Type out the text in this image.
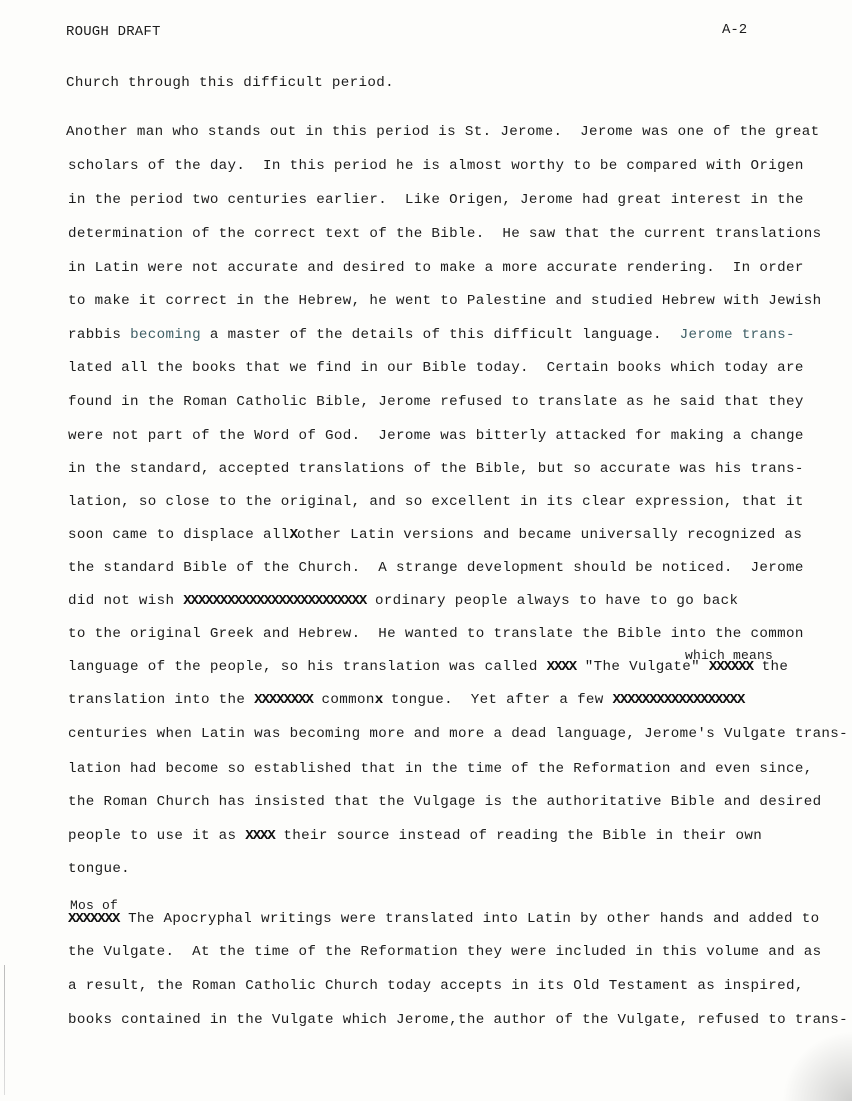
ROUGH DRAFT	A-2
Church through this difficult period.
Another man who stands out in this period is St. Jerome.  Jerome was one of the great
scholars of the day.  In this period he is almost worthy to be compared with Origen
in the period two centuries earlier.  Like Origen, Jerome had great interest in the
determination of the correct text of the Bible.  He saw that the current translations
in Latin were not accurate and desired to make a more accurate rendering.  In order
to make it correct in the Hebrew, he went to Palestine and studied Hebrew with Jewish
rabbis becoming a master of the details of this difficult language.  Jerome trans-
lated all the books that we find in our Bible today.  Certain books which today are
found in the Roman Catholic Bible, Jerome refused to translate as he said that they
were not part of the Word of God.  Jerome was bitterly attacked for making a change
in the standard, accepted translations of the Bible, but so accurate was his trans-
lation, so close to the original, and so excellent in its clear expression, that it
soon came to displace allXother Latin versions and became universally recognized as
the standard Bible of the Church.  A strange development should be noticed.  Jerome
did not wish XXXXXXXXXXXXXXXXXXXXXXXXX ordinary people always to have to go back
to the original Greek and Hebrew.  He wanted to translate the Bible into the common
which means
language of the people, so his translation was called XXXX "The Vulgate" XXXXXX the
translation into the XXXXXXXX commonx tongue.  Yet after a few XXXXXXXXXXXXXXXXXX
centuries when Latin was becoming more and more a dead language, Jerome's Vulgate trans-
lation had become so established that in the time of the Reformation and even since,
the Roman Church has insisted that the Vulgage is the authoritative Bible and desired
people to use it as XXXX their source instead of reading the Bible in their own
tongue.
Mos of
XXXXXXX The Apocryphal writings were translated into Latin by other hands and added to
the Vulgate.  At the time of the Reformation they were included in this volume and as
a result, the Roman Catholic Church today accepts in its Old Testament as inspired,
books contained in the Vulgate which Jerome,the author of the Vulgate, refused to trans-
